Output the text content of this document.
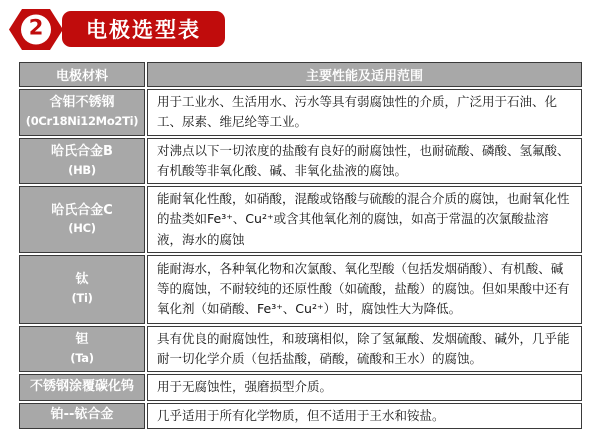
2	电极选型表
电极材料	主要性能及适用范围

含钼不锈钢
(0Cr18Ni12Mo2Ti)	用于工业水、生活用水、污水等具有弱腐蚀性的介质，广泛用于石油、化工、尿素、维尼纶等工业。

哈氏合金B
(HB)	对沸点以下一切浓度的盐酸有良好的耐腐蚀性，也耐硫酸、磷酸、氢氟酸、有机酸等非氧化酸、碱、非氧化盐液的腐蚀。

哈氏合金C
(HC)	能耐氧化性酸，如硝酸，混酸或铬酸与硫酸的混合介质的腐蚀，也耐氧化性的盐类如Fe³⁺、Cu²⁺或含其他氧化剂的腐蚀，如高于常温的次氯酸盐溶液，海水的腐蚀

钛
(Ti)	能耐海水，各种氧化物和次氯酸、氧化型酸（包括发烟硝酸）、有机酸、碱等的腐蚀，不耐较纯的还原性酸（如硫酸，盐酸）的腐蚀。但如果酸中还有氧化剂（如硝酸、Fe³⁺、Cu²⁺）时，腐蚀性大为降低。

钽
(Ta)	具有优良的耐腐蚀性，和玻璃相似，除了氢氟酸、发烟硫酸、碱外，几乎能耐一切化学介质（包括盐酸，硝酸，硫酸和王水）的腐蚀。

不锈钢涂覆碳化钨	用于无腐蚀性，强磨损型介质。

铂--铱合金	几乎适用于所有化学物质，但不适用于王水和铵盐。
